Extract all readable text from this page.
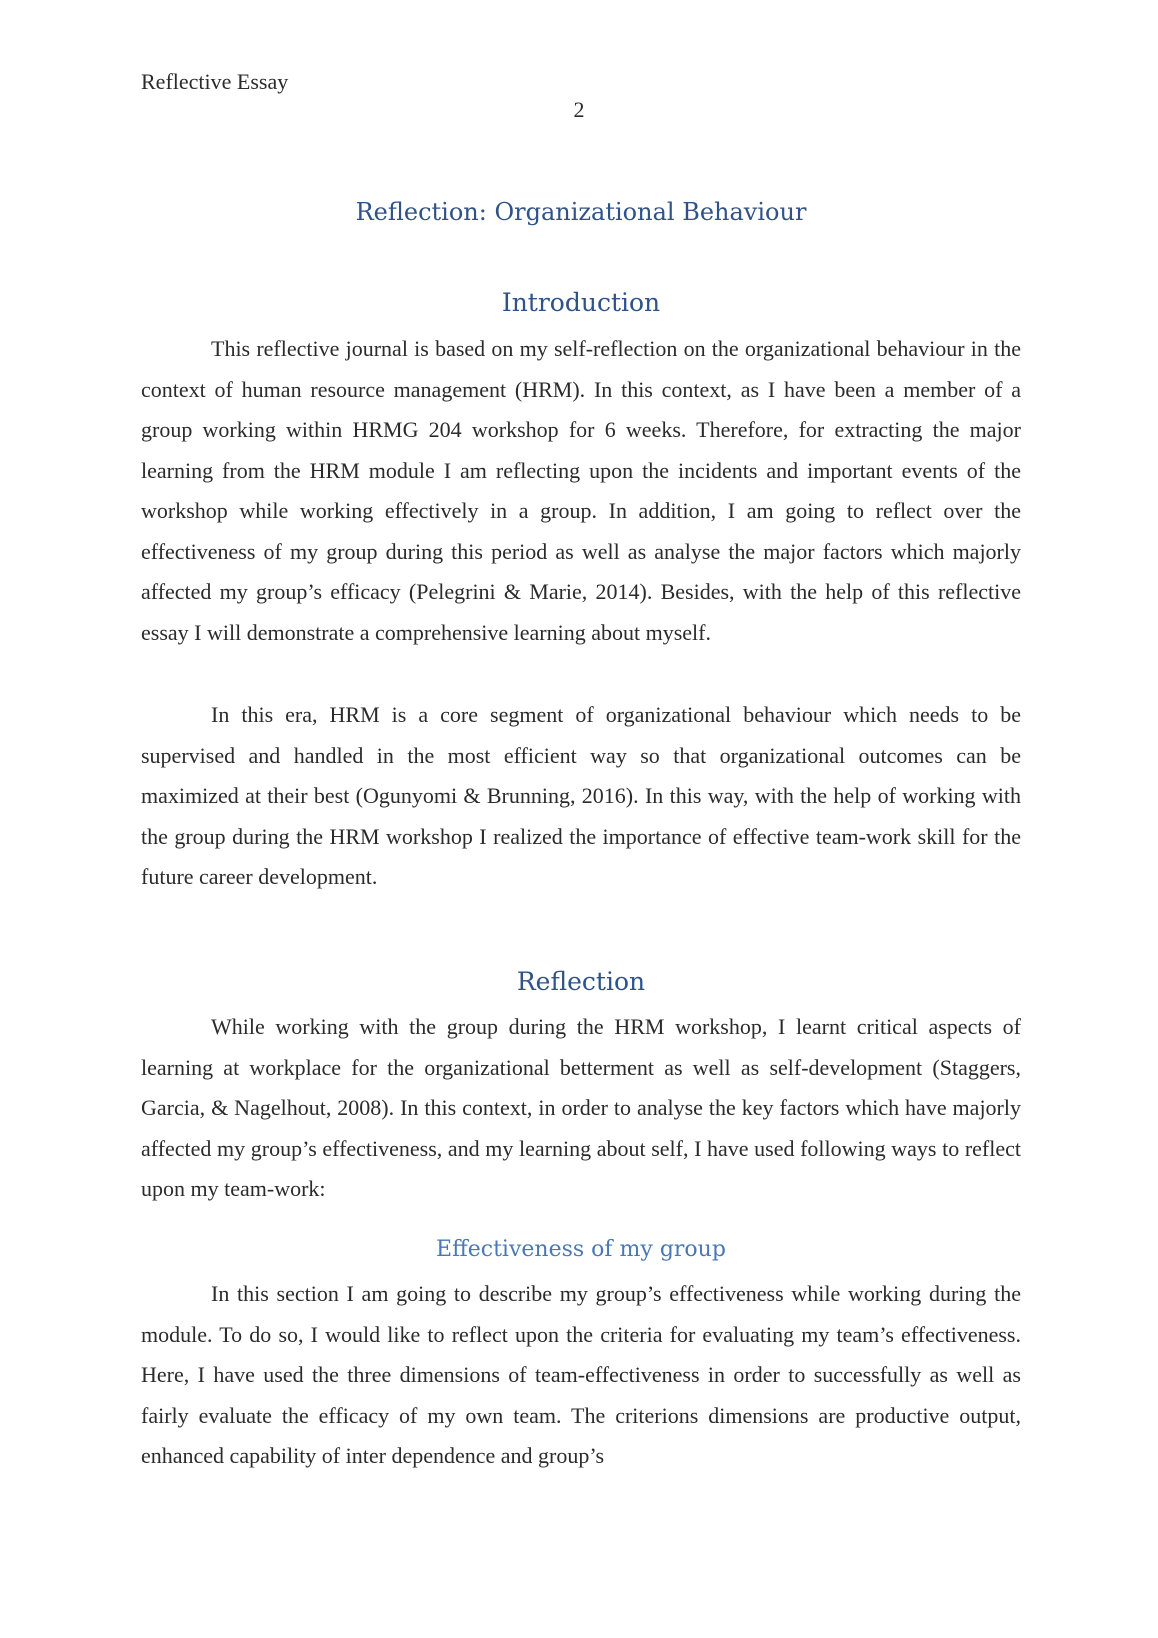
Reflective Essay
2
Reflection: Organizational Behaviour
Introduction

This reflective journal is based on my self-reflection on the organizational behaviour in the context of human resource management (HRM). In this context, as I have been a member of a group working within HRMG 204 workshop for 6 weeks. Therefore, for extracting the major learning from the HRM module I am reflecting upon the incidents and important events of the workshop while working effectively in a group. In addition, I am going to reflect over the effectiveness of my group during this period as well as analyse the major factors which majorly affected my group’s efficacy (Pelegrini & Marie, 2014). Besides, with the help of this reflective essay I will demonstrate a comprehensive learning about myself.

In this era, HRM is a core segment of organizational behaviour which needs to be supervised and handled in the most efficient way so that organizational outcomes can be maximized at their best (Ogunyomi & Brunning, 2016). In this way, with the help of working with the group during the HRM workshop I realized the importance of effective team-work skill for the future career development.

Reflection

While working with the group during the HRM workshop, I learnt critical aspects of learning at workplace for the organizational betterment as well as self-development (Staggers, Garcia, & Nagelhout, 2008). In this context, in order to analyse the key factors which have majorly affected my group’s effectiveness, and my learning about self, I have used following ways to reflect upon my team-work:

Effectiveness of my group

In this section I am going to describe my group’s effectiveness while working during the module. To do so, I would like to reflect upon the criteria for evaluating my team’s effectiveness. Here, I have used the three dimensions of team-effectiveness in order to successfully as well as fairly evaluate the efficacy of my own team. The criterions dimensions are productive output, enhanced capability of inter dependence and group’s
